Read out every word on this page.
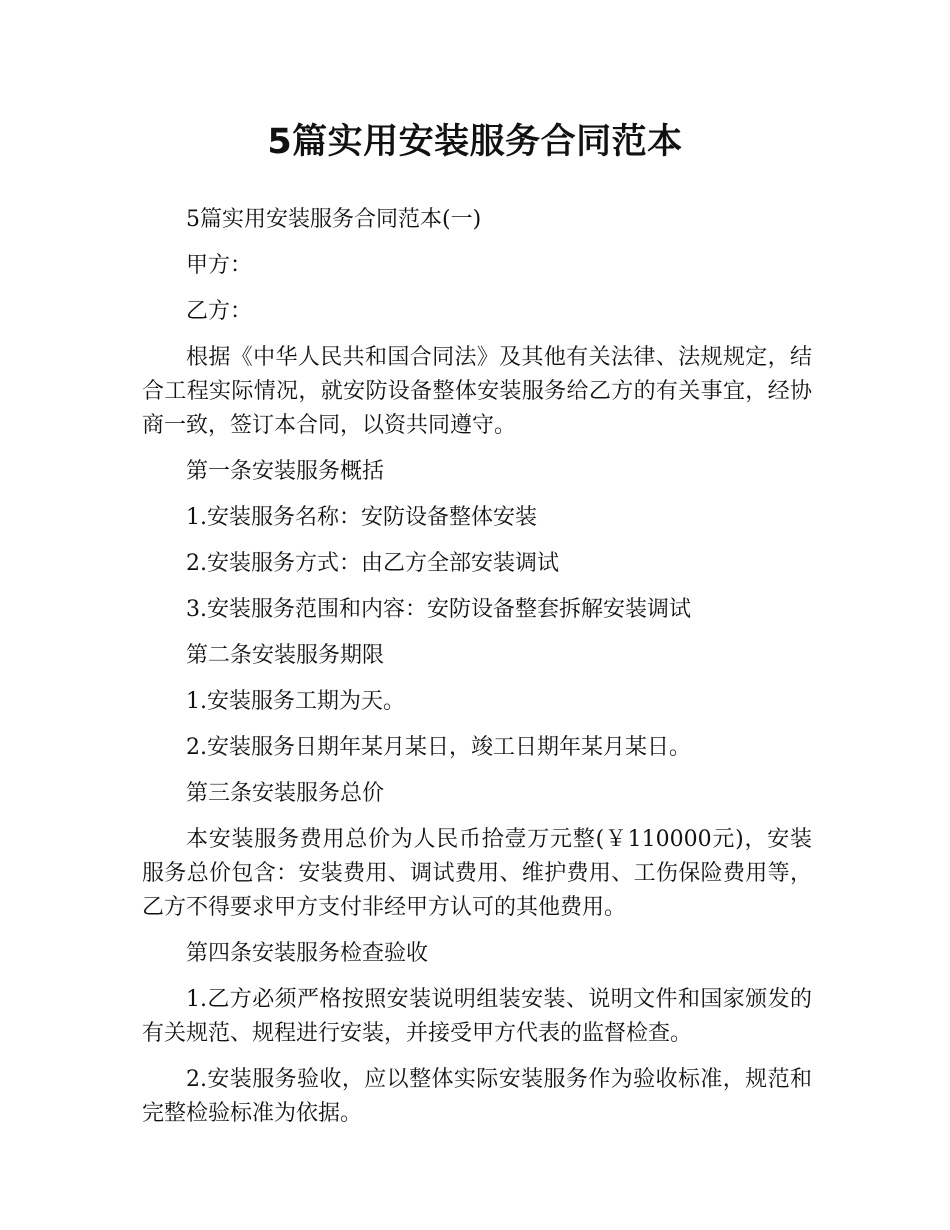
5篇实用安装服务合同范本

5篇实用安装服务合同范本(一)

甲方：

乙方：

根据《中华人民共和国合同法》及其他有关法律、法规规定，结合工程实际情况，就安防设备整体安装服务给乙方的有关事宜，经协商一致，签订本合同，以资共同遵守。

第一条安装服务概括

1.安装服务名称：安防设备整体安装

2.安装服务方式：由乙方全部安装调试

3.安装服务范围和内容：安防设备整套拆解安装调试

第二条安装服务期限

1.安装服务工期为天。

2.安装服务日期年某月某日，竣工日期年某月某日。

第三条安装服务总价

本安装服务费用总价为人民币拾壹万元整(￥110000元)，安装服务总价包含：安装费用、调试费用、维护费用、工伤保险费用等，乙方不得要求甲方支付非经甲方认可的其他费用。

第四条安装服务检查验收

1.乙方必须严格按照安装说明组装安装、说明文件和国家颁发的有关规范、规程进行安装，并接受甲方代表的监督检查。

2.安装服务验收，应以整体实际安装服务作为验收标准，规范和完整检验标准为依据。
